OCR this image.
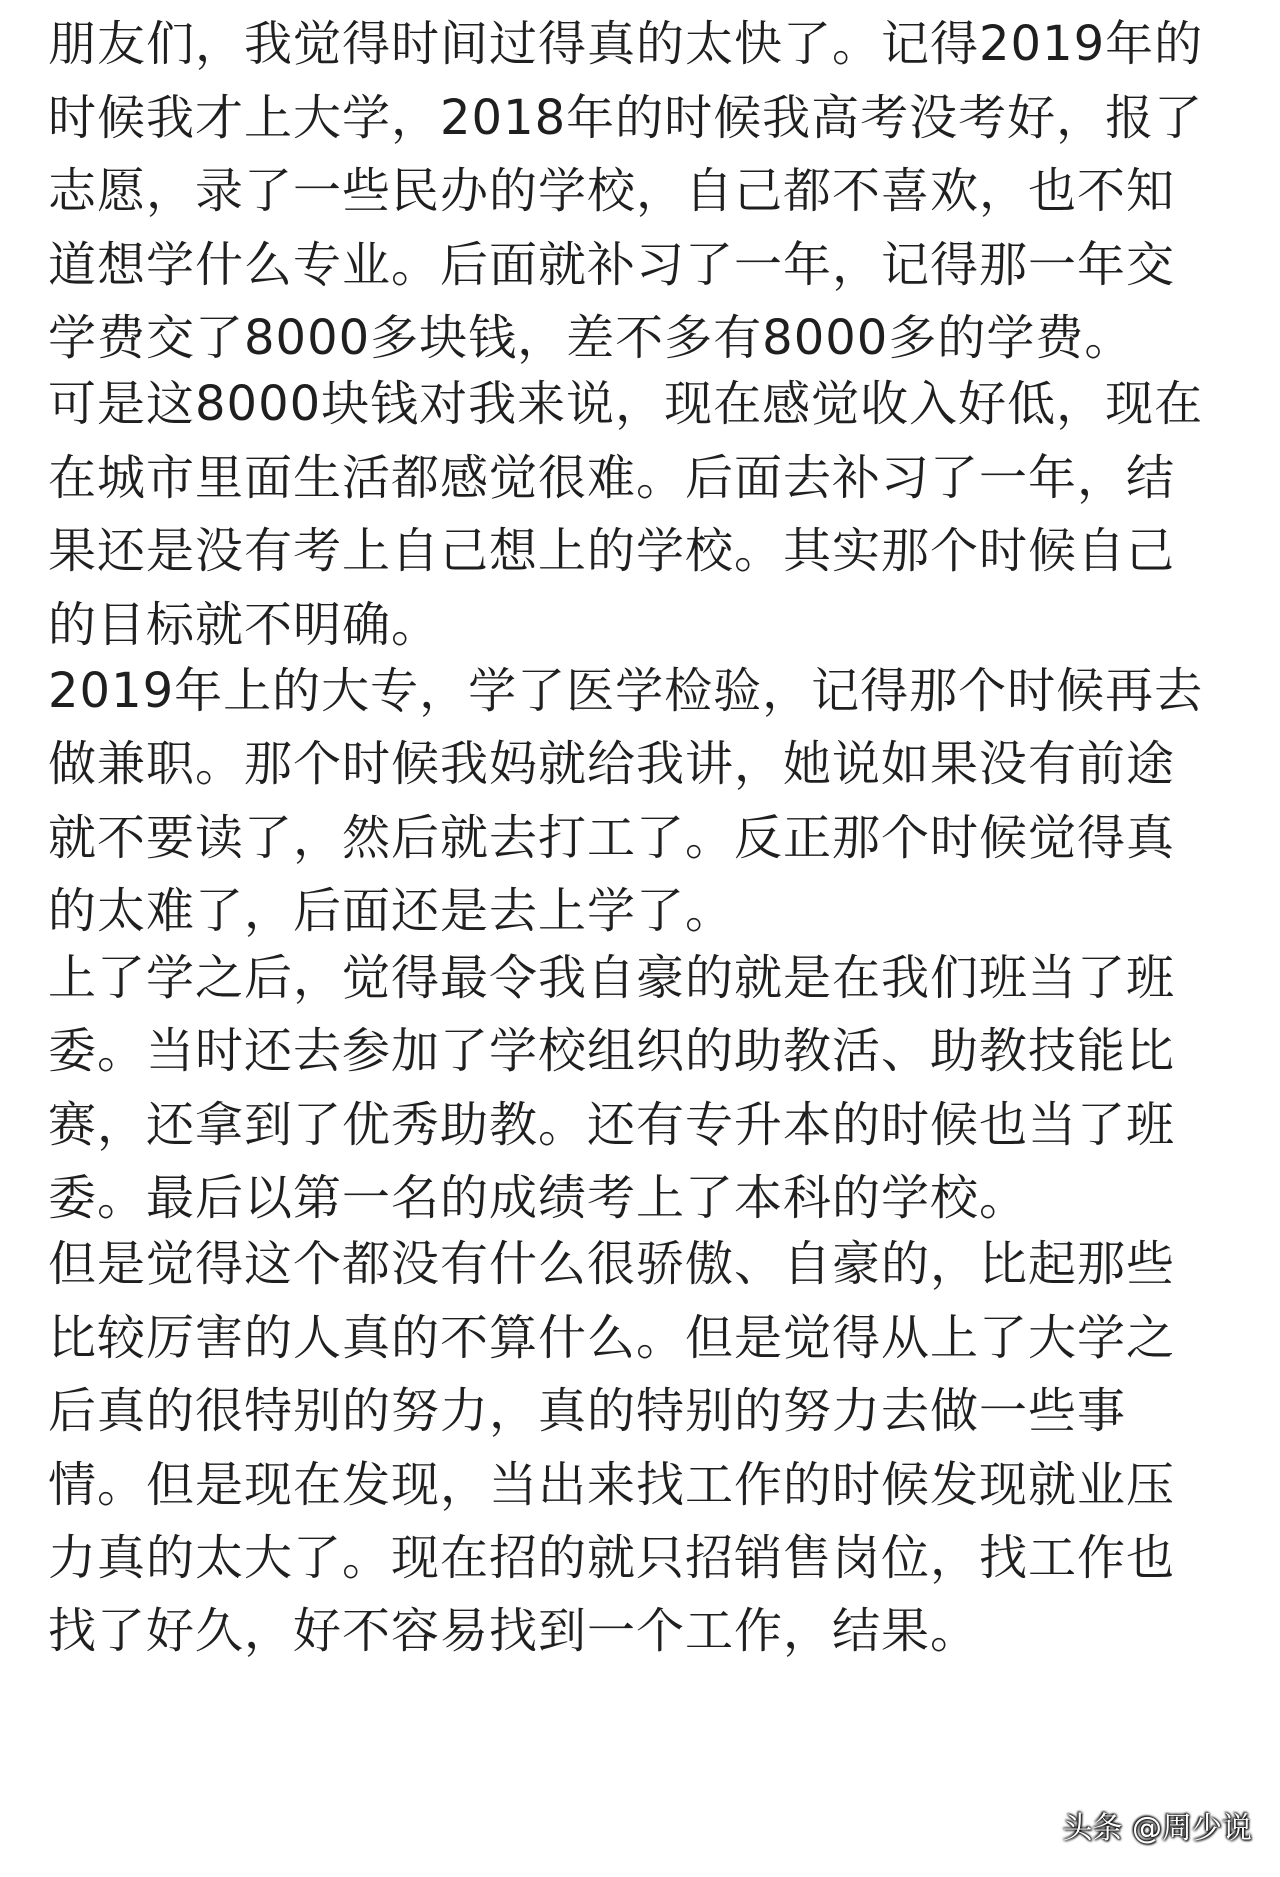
朋友们，我觉得时间过得真的太快了。记得2019年的
时候我才上大学，2018年的时候我高考没考好，报了
志愿，录了一些民办的学校，自己都不喜欢，也不知
道想学什么专业。后面就补习了一年，记得那一年交
学费交了8000多块钱，差不多有8000多的学费。
可是这8000块钱对我来说，现在感觉收入好低，现在
在城市里面生活都感觉很难。后面去补习了一年，结
果还是没有考上自己想上的学校。其实那个时候自己
的目标就不明确。
2019年上的大专，学了医学检验，记得那个时候再去
做兼职。那个时候我妈就给我讲，她说如果没有前途
就不要读了，然后就去打工了。反正那个时候觉得真
的太难了，后面还是去上学了。
上了学之后，觉得最令我自豪的就是在我们班当了班
委。当时还去参加了学校组织的助教活、助教技能比
赛，还拿到了优秀助教。还有专升本的时候也当了班
委。最后以第一名的成绩考上了本科的学校。
但是觉得这个都没有什么很骄傲、自豪的，比起那些
比较厉害的人真的不算什么。但是觉得从上了大学之
后真的很特别的努力，真的特别的努力去做一些事
情。但是现在发现，当出来找工作的时候发现就业压
力真的太大了。现在招的就只招销售岗位，找工作也
找了好久，好不容易找到一个工作，结果。
头条 @周少说
